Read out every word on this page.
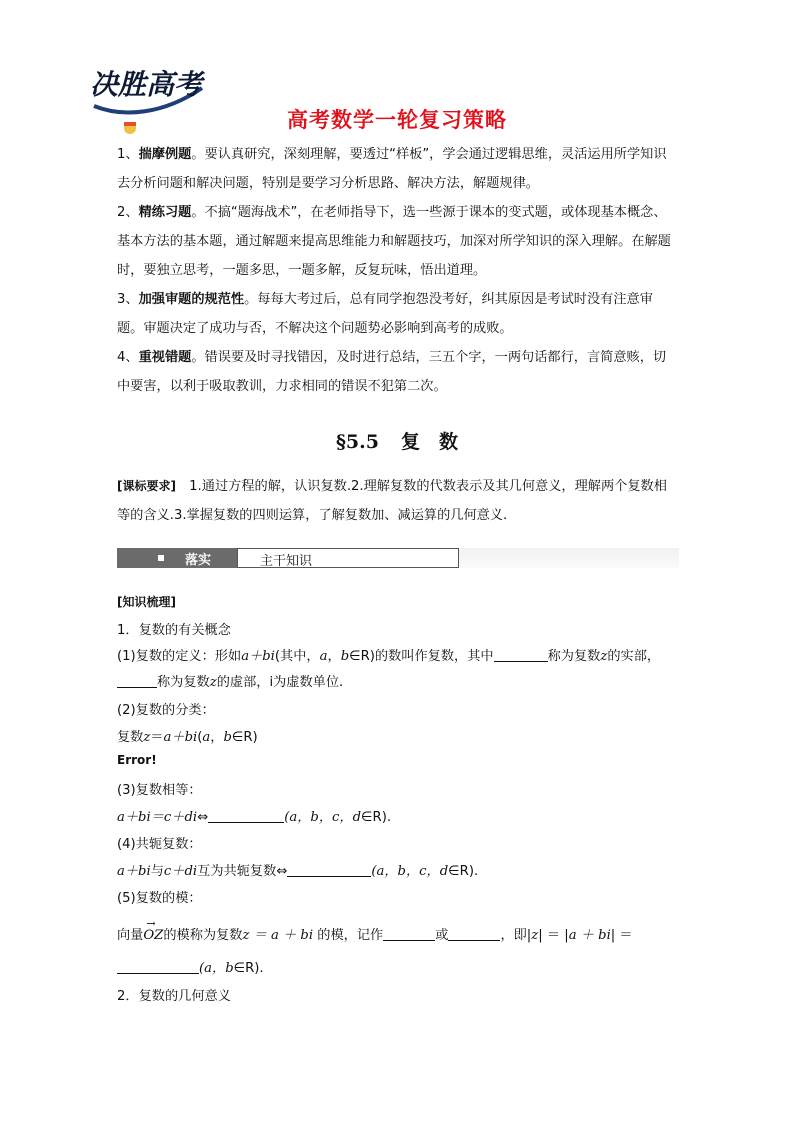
决胜高考
高考数学一轮复习策略
1、揣摩例题。要认真研究，深刻理解，要透过“样板”，学会通过逻辑思维，灵活运用所学知识去分析问题和解决问题，特别是要学习分析思路、解决方法，解题规律。
2、精练习题。不搞“题海战术”，在老师指导下，选一些源于课本的变式题，或体现基本概念、基本方法的基本题，通过解题来提高思维能力和解题技巧，加深对所学知识的深入理解。在解题时，要独立思考，一题多思，一题多解，反复玩味，悟出道理。
3、加强审题的规范性。每每大考过后，总有同学抱怨没考好，纠其原因是考试时没有注意审题。审题决定了成功与否，不解决这个问题势必影响到高考的成败。
4、重视错题。错误要及时寻找错因，及时进行总结，三五个字，一两句话都行，言简意赅，切中要害，以利于吸取教训，力求相同的错误不犯第二次。
§5.5 复　数
[课标要求]　1.通过方程的解，认识复数.2.理解复数的代数表示及其几何意义，理解两个复数相等的含义.3.掌握复数的四则运算，了解复数加、减运算的几何意义.
落实	主干知识
[知识梳理]
1．复数的有关概念
(1)复数的定义：形如a＋bi(其中，a，b∈R)的数叫作复数，其中	称为复数z的实部，
称为复数z的虚部，i为虚数单位.
(2)复数的分类：
复数z＝a＋bi(a，b∈R)
Error!
(3)复数相等：
a＋bi＝c＋di⇔	(a，b，c，d∈R).
(4)共轭复数：
a＋bi与c＋di互为共轭复数⇔	(a，b，c，d∈R).
(5)复数的模：
向量→ OZ的模称为复数z ＝ a ＋ bi 的模，记作	或	，即|z| ＝ |a ＋ bi| ＝
(a，b∈R).
2．复数的几何意义
